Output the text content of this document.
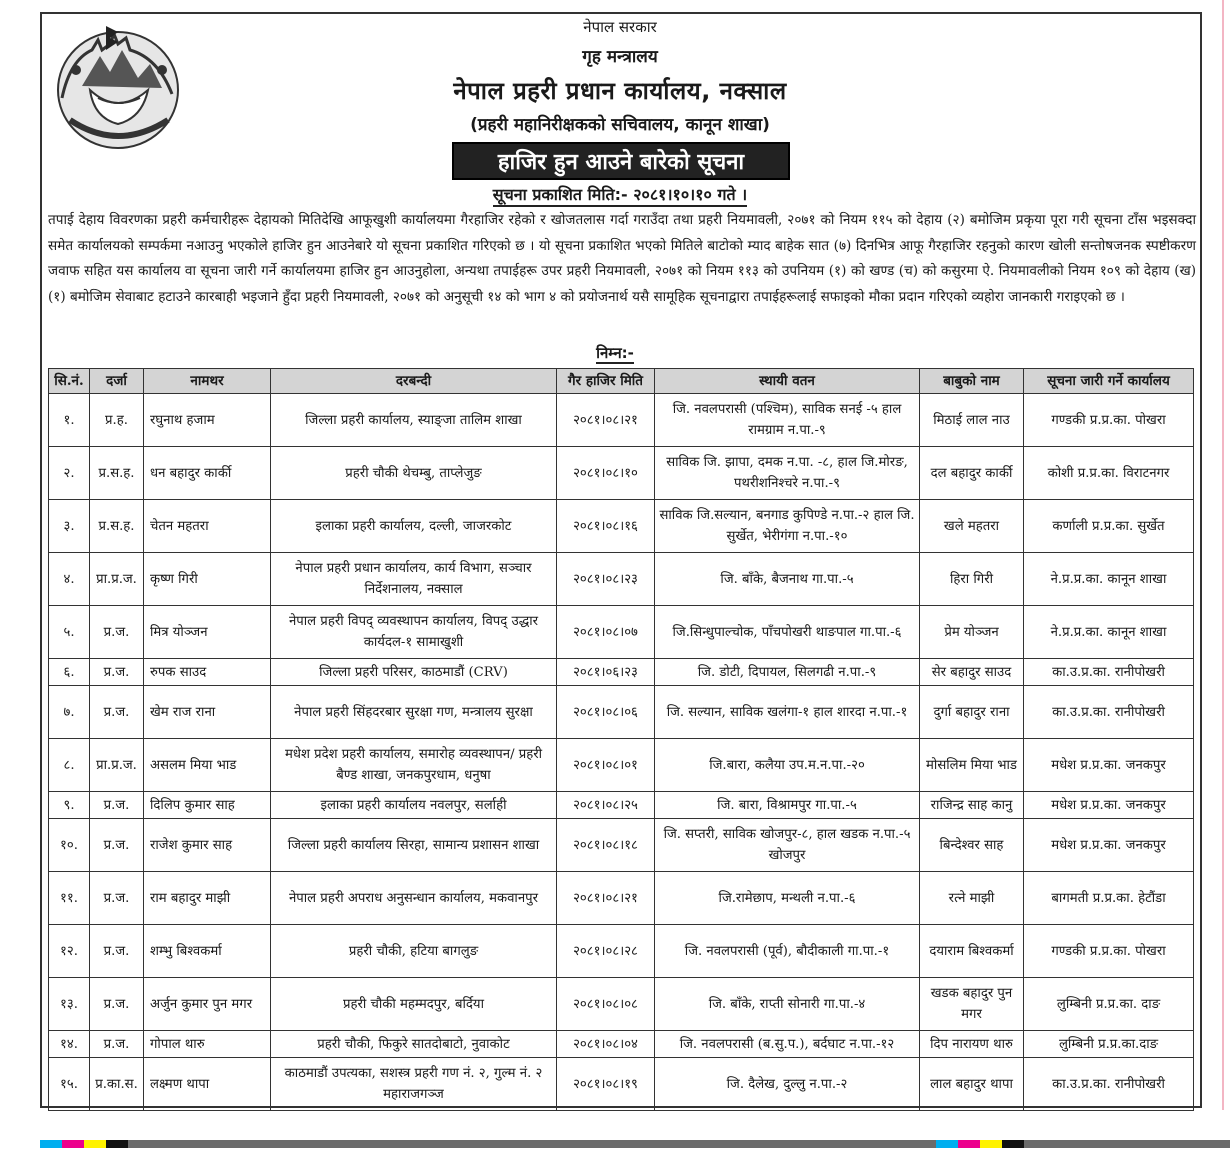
नेपाल सरकार
गृह मन्त्रालय
नेपाल प्रहरी प्रधान कार्यालय, नक्साल
(प्रहरी महानिरीक्षकको सचिवालय, कानून शाखा)
हाजिर हुन आउने बारेको सूचना
सूचना प्रकाशित मिति:- २०८१।१०।१० गते ।
तपाई देहाय विवरणका प्रहरी कर्मचारीहरू देहायको मितिदेखि आफूखुशी कार्यालयमा गैरहाजिर रहेको र खोजतलास गर्दा गराउँदा तथा प्रहरी नियमावली, २०७१ को नियम ११५ को देहाय (२) बमोजिम प्रकृया पूरा गरी सूचना टाँस भइसक्दा समेत कार्यालयको सम्पर्कमा नआउनु भएकोले हाजिर हुन आउनेबारे यो सूचना प्रकाशित गरिएको छ । यो सूचना प्रकाशित भएको मितिले बाटोको म्याद बाहेक सात (७) दिनभित्र आफू गैरहाजिर रहनुको कारण खोली सन्तोषजनक स्पष्टीकरण जवाफ सहित यस कार्यालय वा सूचना जारी गर्ने कार्यालयमा हाजिर हुन आउनुहोला, अन्यथा तपाईहरू उपर प्रहरी नियमावली, २०७१ को नियम ११३ को उपनियम (१) को खण्ड (च) को कसुरमा ऐ. नियमावलीको नियम १०९ को देहाय (ख) (१) बमोजिम सेवाबाट हटाउने कारबाही भइजाने हुँदा प्रहरी नियमावली, २०७१ को अनुसूची १४ को भाग ४ को प्रयोजनार्थ यसै सामूहिक सूचनाद्वारा तपाईहरूलाई सफाइको मौका प्रदान गरिएको व्यहोरा जानकारी गराइएको छ ।
निम्न:-
सि.नं.	दर्जा	नामथर	दरबन्दी	गैर हाजिर मिति	स्थायी वतन	बाबुको नाम	सूचना जारी गर्ने कार्यालय
१.	प्र.ह.	रघुनाथ हजाम	जिल्ला प्रहरी कार्यालय, स्याङ्जा तालिम शाखा	२०८१।०८।२१	जि. नवलपरासी (पश्चिम), साविक सनई -५ हाल रामग्राम न.पा.-९	मिठाई लाल नाउ	गण्डकी प्र.प्र.का. पोखरा
२.	प्र.स.ह.	धन बहादुर कार्की	प्रहरी चौकी थेचम्बु, ताप्लेजुङ	२०८१।०८।१०	साविक जि. झापा, दमक न.पा. -८, हाल जि.मोरङ, पथरीशनिश्चरे न.पा.-९	दल बहादुर कार्की	कोशी प्र.प्र.का. विराटनगर
३.	प्र.स.ह.	चेतन महतरा	इलाका प्रहरी कार्यालय, दल्ली, जाजरकोट	२०८१।०८।१६	साविक जि.सल्यान, बनगाड कुपिण्डे न.पा.-२ हाल जि. सुर्खेत, भेरीगंगा न.पा.-१०	खले महतरा	कर्णाली प्र.प्र.का. सुर्खेत
४.	प्रा.प्र.ज.	कृष्ण गिरी	नेपाल प्रहरी प्रधान कार्यालय, कार्य विभाग, सञ्चार निर्देशनालय, नक्साल	२०८१।०८।२३	जि. बाँके, बैजनाथ गा.पा.-५	हिरा गिरी	ने.प्र.प्र.का. कानून शाखा
५.	प्र.ज.	मित्र योञ्जन	नेपाल प्रहरी विपद् व्यवस्थापन कार्यालय, विपद् उद्धार कार्यदल-१ सामाखुशी	२०८१।०८।०७	जि.सिन्धुपाल्चोक, पाँचपोखरी थाङपाल गा.पा.-६	प्रेम योञ्जन	ने.प्र.प्र.का. कानून शाखा
६.	प्र.ज.	रुपक साउद	जिल्ला प्रहरी परिसर, काठमाडौं (CRV)	२०८१।०६।२३	जि. डोटी, दिपायल, सिलगढी न.पा.-९	सेर बहादुर साउद	का.उ.प्र.का. रानीपोखरी
७.	प्र.ज.	खेम राज राना	नेपाल प्रहरी सिंहदरबार सुरक्षा गण, मन्त्रालय सुरक्षा	२०८१।०८।०६	जि. सल्यान, साविक खलंगा-१ हाल शारदा न.पा.-१	दुर्गा बहादुर राना	का.उ.प्र.का. रानीपोखरी
८.	प्रा.प्र.ज.	असलम मिया भाड	मधेश प्रदेश प्रहरी कार्यालय, समारोह व्यवस्थापन/ प्रहरी बैण्ड शाखा, जनकपुरधाम, धनुषा	२०८१।०८।०१	जि.बारा, कलैया उप.म.न.पा.-२०	मोसलिम मिया भाड	मधेश प्र.प्र.का. जनकपुर
९.	प्र.ज.	दिलिप कुमार साह	इलाका प्रहरी कार्यालय नवलपुर, सर्लाही	२०८१।०८।२५	जि. बारा, विश्रामपुर गा.पा.-५	राजिन्द्र साह कानु	मधेश प्र.प्र.का. जनकपुर
१०.	प्र.ज.	राजेश कुमार साह	जिल्ला प्रहरी कार्यालय सिरहा, सामान्य प्रशासन शाखा	२०८१।०८।१८	जि. सप्तरी, साविक खोजपुर-८, हाल खडक न.पा.-५ खोजपुर	बिन्देश्वर साह	मधेश प्र.प्र.का. जनकपुर
११.	प्र.ज.	राम बहादुर माझी	नेपाल प्रहरी अपराध अनुसन्धान कार्यालय, मकवानपुर	२०८१।०८।२१	जि.रामेछाप, मन्थली न.पा.-६	रत्ने माझी	बागमती प्र.प्र.का. हेटौंडा
१२.	प्र.ज.	शम्भु बिश्वकर्मा	प्रहरी चौकी, हटिया बागलुङ	२०८१।०८।२८	जि. नवलपरासी (पूर्व), बौदीकाली गा.पा.-१	दयाराम बिश्वकर्मा	गण्डकी प्र.प्र.का. पोखरा
१३.	प्र.ज.	अर्जुन कुमार पुन मगर	प्रहरी चौकी महम्मदपुर, बर्दिया	२०८१।०८।०८	जि. बाँके, राप्ती सोनारी गा.पा.-४	खडक बहादुर पुन मगर	लुम्बिनी प्र.प्र.का. दाङ
१४.	प्र.ज.	गोपाल थारु	प्रहरी चौकी, फिकुरे सातदोबाटो, नुवाकोट	२०८१।०८।०४	जि. नवलपरासी (ब.सु.प.), बर्दघाट न.पा.-१२	दिप नारायण थारु	लुम्बिनी प्र.प्र.का.दाङ
१५.	प्र.का.स.	लक्ष्मण थापा	काठमाडौं उपत्यका, सशस्त्र प्रहरी गण नं. २, गुल्म नं. २ महाराजगञ्ज	२०८१।०८।१९	जि. दैलेख, दुल्लु न.पा.-२	लाल बहादुर थापा	का.उ.प्र.का. रानीपोखरी
